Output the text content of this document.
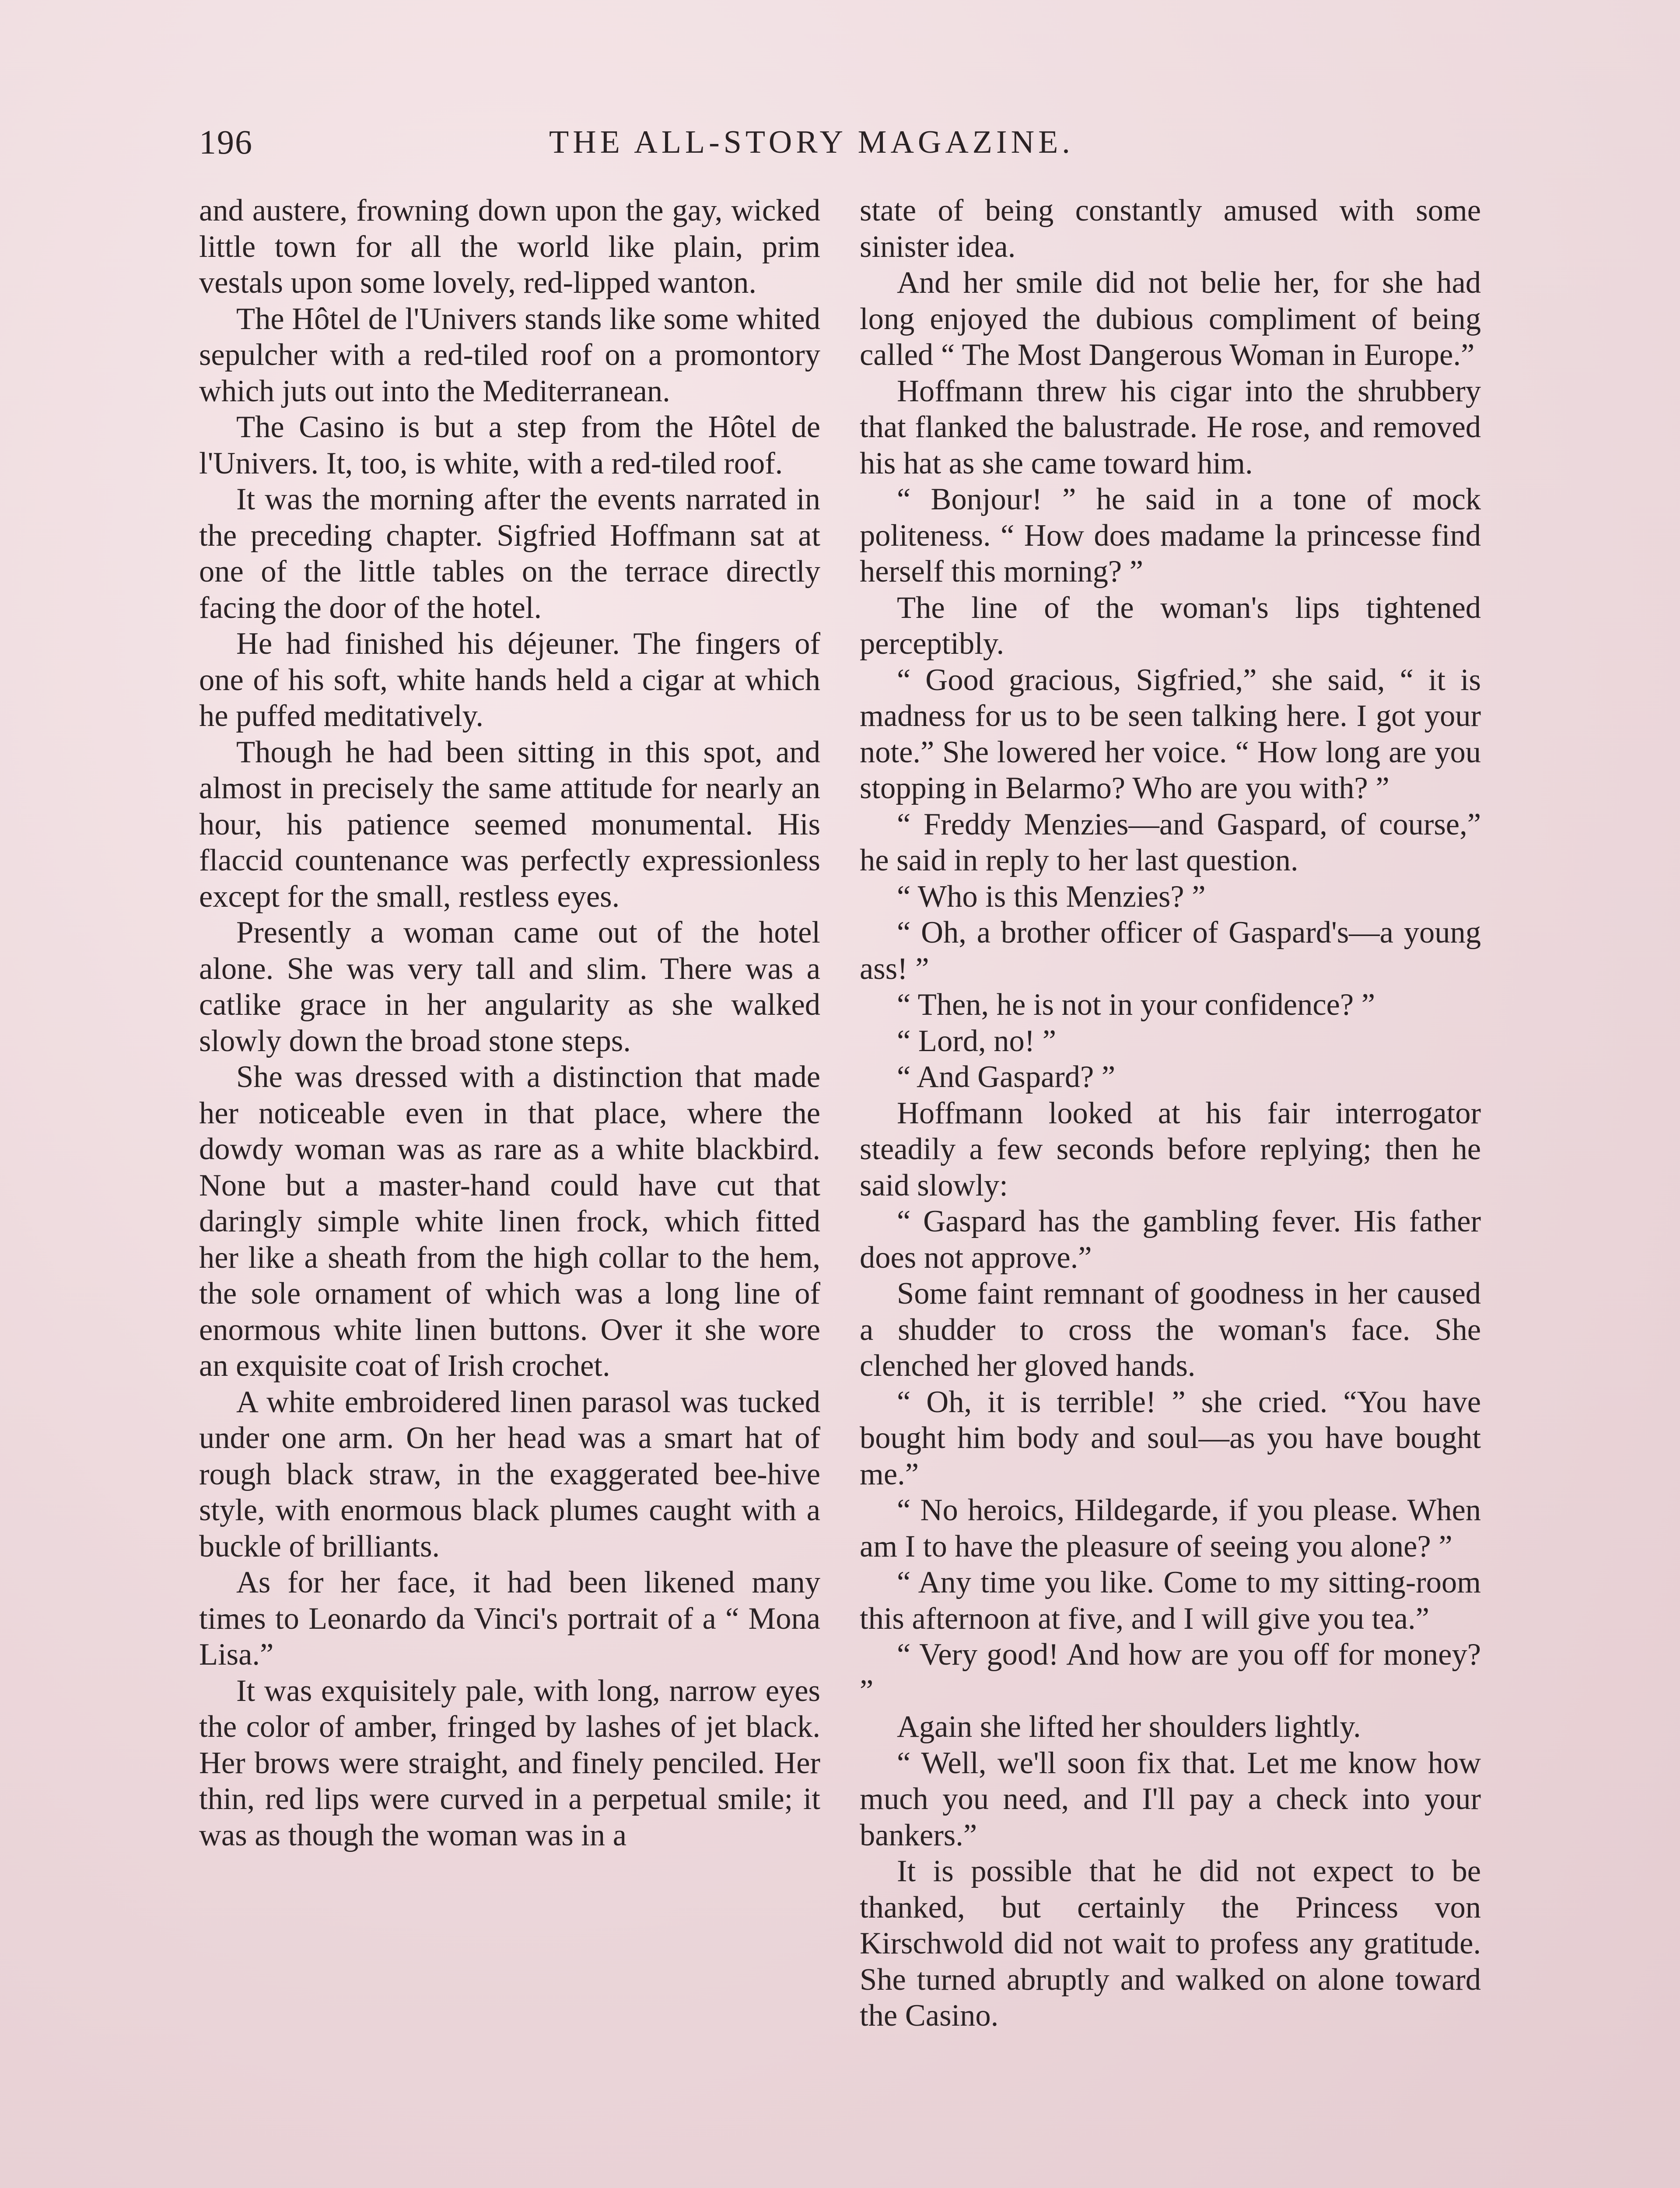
196	THE ALL-STORY MAGAZINE.

and austere, frowning down upon the gay, wicked little town for all the world like plain, prim vestals upon some lovely, red-lipped wanton.

The Hôtel de l'Univers stands like some whited sepulcher with a red-tiled roof on a promontory which juts out into the Mediterranean.

The Casino is but a step from the Hôtel de l'Univers. It, too, is white, with a red-tiled roof.

It was the morning after the events narrated in the preceding chapter. Sigfried Hoffmann sat at one of the little tables on the terrace directly facing the door of the hotel.

He had finished his déjeuner. The fingers of one of his soft, white hands held a cigar at which he puffed meditatively.

Though he had been sitting in this spot, and almost in precisely the same attitude for nearly an hour, his patience seemed monumental. His flaccid countenance was perfectly expressionless except for the small, restless eyes.

Presently a woman came out of the hotel alone. She was very tall and slim. There was a catlike grace in her angularity as she walked slowly down the broad stone steps.

She was dressed with a distinction that made her noticeable even in that place, where the dowdy woman was as rare as a white blackbird. None but a master-hand could have cut that daringly simple white linen frock, which fitted her like a sheath from the high collar to the hem, the sole ornament of which was a long line of enormous white linen buttons. Over it she wore an exquisite coat of Irish crochet.

A white embroidered linen parasol was tucked under one arm. On her head was a smart hat of rough black straw, in the exaggerated bee-hive style, with enormous black plumes caught with a buckle of brilliants.

As for her face, it had been likened many times to Leonardo da Vinci's portrait of a “ Mona Lisa.”

It was exquisitely pale, with long, narrow eyes the color of amber, fringed by lashes of jet black. Her brows were straight, and finely penciled. Her thin, red lips were curved in a perpetual smile; it was as though the woman was in a

state of being constantly amused with some sinister idea.

And her smile did not belie her, for she had long enjoyed the dubious compliment of being called “ The Most Dangerous Woman in Europe.”

Hoffmann threw his cigar into the shrubbery that flanked the balustrade. He rose, and removed his hat as she came toward him.

“ Bonjour! ” he said in a tone of mock politeness. “ How does madame la princesse find herself this morning? ”

The line of the woman's lips tightened perceptibly.

“ Good gracious, Sigfried,” she said, “ it is madness for us to be seen talking here. I got your note.” She lowered her voice. “ How long are you stopping in Belarmo? Who are you with? ”

“ Freddy Menzies—and Gaspard, of course,” he said in reply to her last question.

“ Who is this Menzies? ”

“ Oh, a brother officer of Gaspard's—a young ass! ”

“ Then, he is not in your confidence? ”

“ Lord, no! ”

“ And Gaspard? ”

Hoffmann looked at his fair interrogator steadily a few seconds before replying; then he said slowly:

“ Gaspard has the gambling fever. His father does not approve.”

Some faint remnant of goodness in her caused a shudder to cross the woman's face. She clenched her gloved hands.

“ Oh, it is terrible! ” she cried. “You have bought him body and soul—as you have bought me.”

“ No heroics, Hildegarde, if you please. When am I to have the pleasure of seeing you alone? ”

“ Any time you like. Come to my sitting-room this afternoon at five, and I will give you tea.”

“ Very good! And how are you off for money? ”

Again she lifted her shoulders lightly.

“ Well, we'll soon fix that. Let me know how much you need, and I'll pay a check into your bankers.”

It is possible that he did not expect to be thanked, but certainly the Princess von Kirschwold did not wait to profess any gratitude. She turned abruptly and walked on alone toward the Casino.
